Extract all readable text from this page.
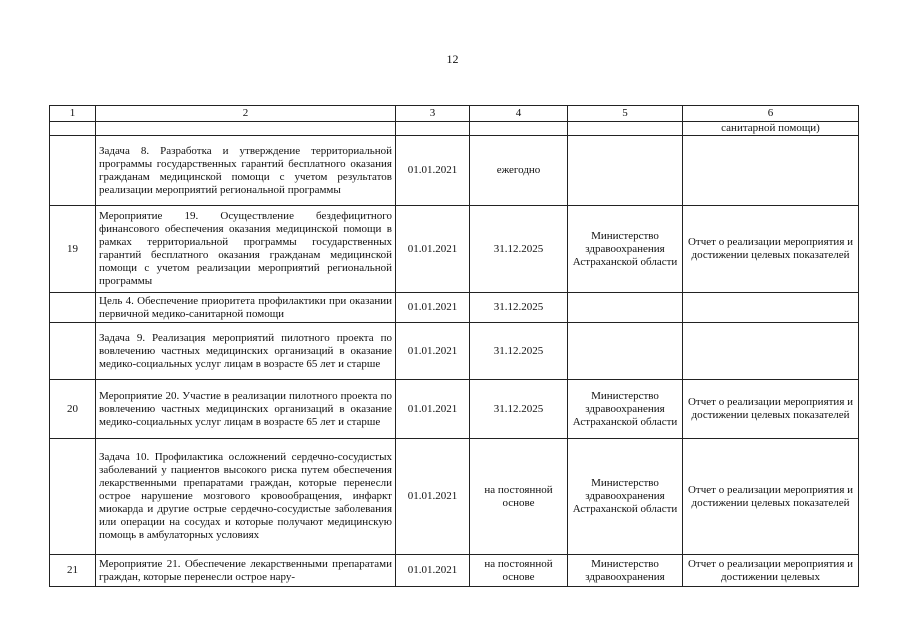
12
1	2	3	4	5	6
					санитарной помощи)
	Задача 8. Разработка и утверждение территориальной программы государственных гарантий бесплатного оказания гражданам медицинской помощи с учетом результатов реализации мероприятий региональной программы	01.01.2021	ежегодно		
19	Мероприятие 19. Осуществление бездефицитного финансового обеспечения оказания медицинской помощи в рамках территориальной программы государственных гарантий бесплатного оказания гражданам медицинской помощи с учетом реализации мероприятий региональной программы	01.01.2021	31.12.2025	Министерство здравоохранения Астраханской области	Отчет о реализации мероприятия и достижении целевых показателей
	Цель 4. Обеспечение приоритета профилактики при оказании первичной медико-санитарной помощи	01.01.2021	31.12.2025		
	Задача 9. Реализация мероприятий пилотного проекта по вовлечению частных медицинских организаций в оказание медико-социальных услуг лицам в возрасте 65 лет и старше	01.01.2021	31.12.2025		
20	Мероприятие 20. Участие в реализации пилотного проекта по вовлечению частных медицинских организаций в оказание медико-социальных услуг лицам в возрасте 65 лет и старше	01.01.2021	31.12.2025	Министерство здравоохранения Астраханской области	Отчет о реализации мероприятия и достижении целевых показателей
	Задача 10. Профилактика осложнений сердечно-сосудистых заболеваний у пациентов высокого риска путем обеспечения лекарственными препаратами граждан, которые перенесли острое нарушение мозгового кровообращения, инфаркт миокарда и другие острые сердечно-сосудистые заболевания или операции на сосудах и которые получают медицинскую помощь в амбулаторных условиях	01.01.2021	на постоянной основе	Министерство здравоохранения Астраханской области	Отчет о реализации мероприятия и достижении целевых показателей
21	Мероприятие 21. Обеспечение лекарственными препаратами граждан, которые перенесли острое нару-	01.01.2021	на постоянной основе	Министерство здравоохранения	Отчет о реализации мероприятия и достижении целевых
